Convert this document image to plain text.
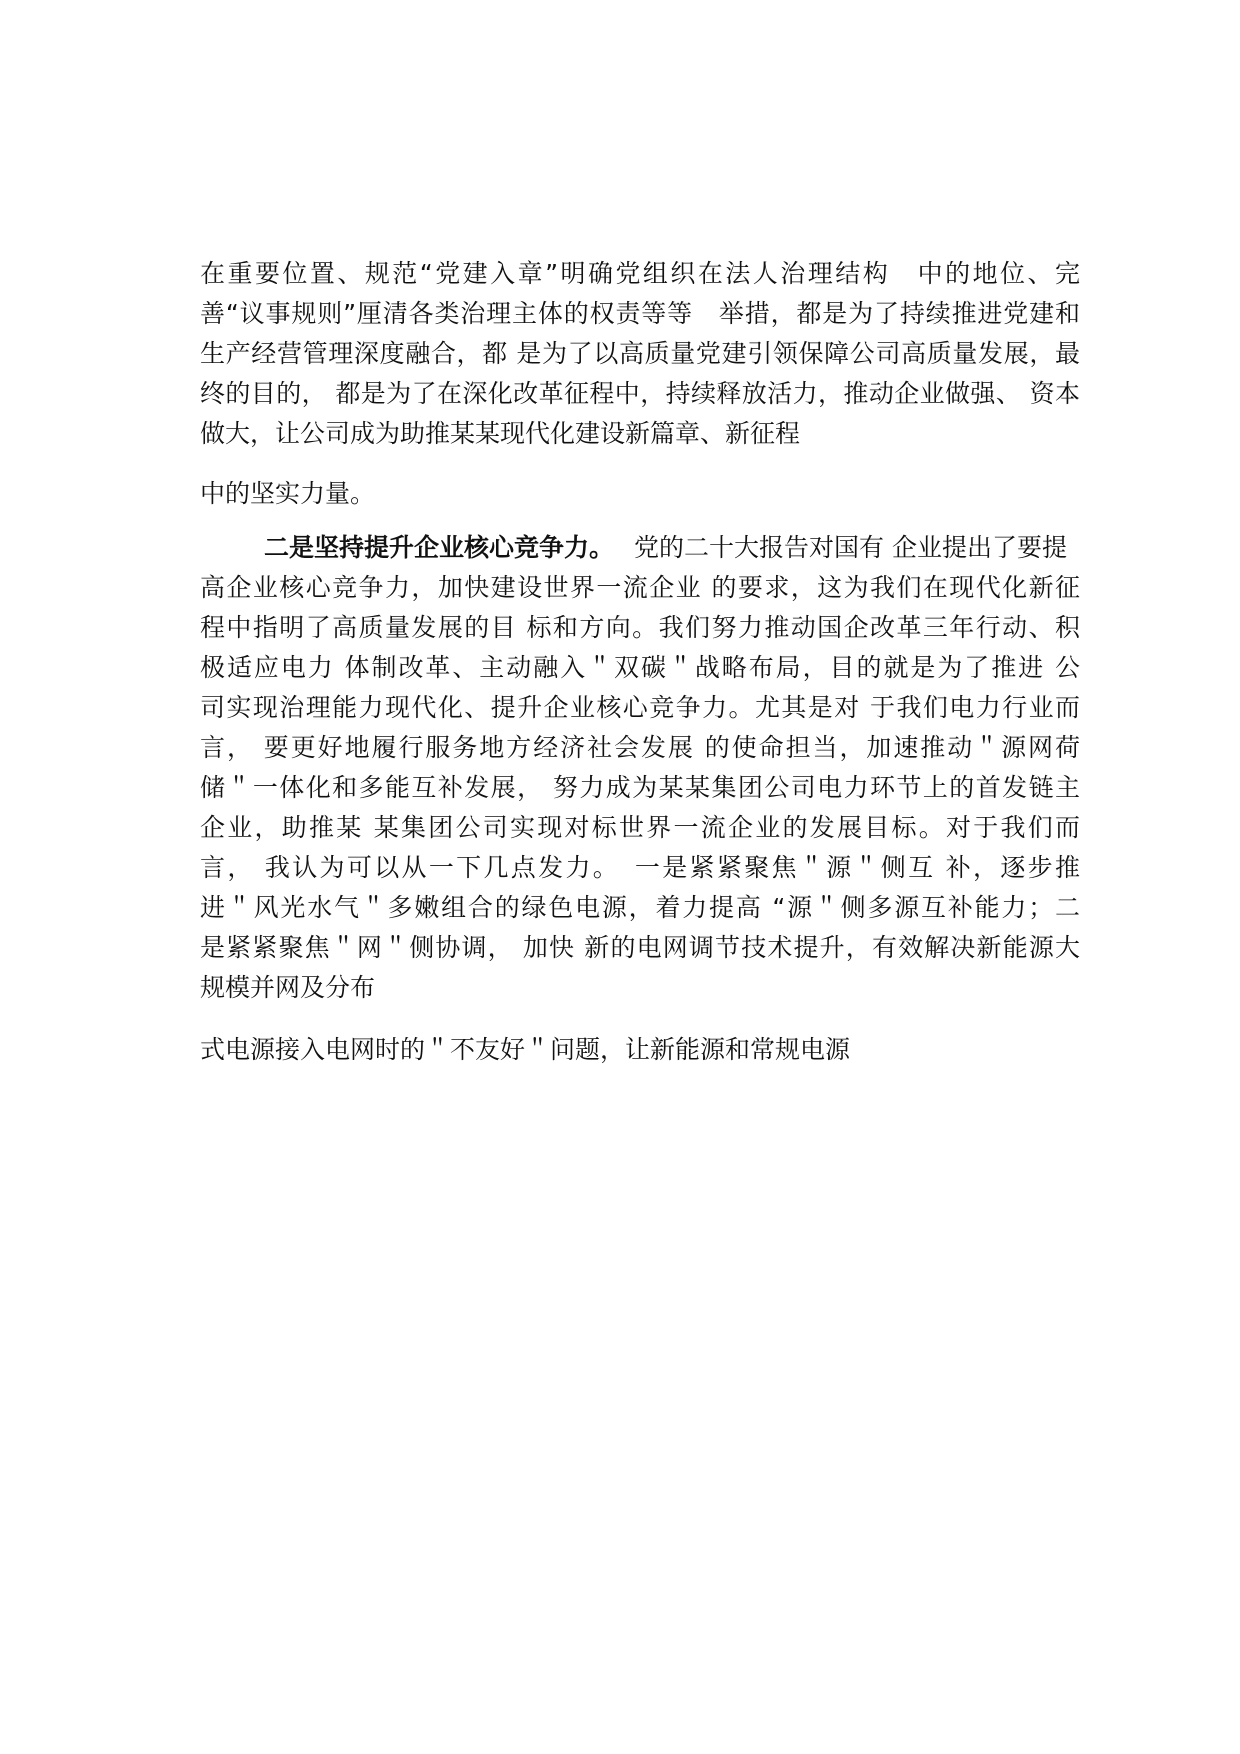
在重要位置、规范“党建入章”明确党组织在法人治理结构　中的地位、完
善“议事规则”厘清各类治理主体的权责等等　举措，都是为了持续推进党建和
生产经营管理深度融合，都 是为了以高质量党建引领保障公司高质量发展，最
终的目的， 都是为了在深化改革征程中，持续释放活力，推动企业做强、 资本
做大，让公司成为助推某某现代化建设新篇章、新征程
中的坚实力量。
二是坚持提升企业核心竞争力。 党的二十大报告对国有 企业提出了要提
高企业核心竞争力，加快建设世界一流企业 的要求，这为我们在现代化新征
程中指明了高质量发展的目 标和方向。我们努力推动国企改革三年行动、积
极适应电力 体制改革、主动融入＂双碳＂战略布局，目的就是为了推进 公
司实现治理能力现代化、提升企业核心竞争力。尤其是对 于我们电力行业而
言， 要更好地履行服务地方经济社会发展 的使命担当，加速推动＂源网荷
储＂一体化和多能互补发展， 努力成为某某集团公司电力环节上的首发链主
企业，助推某 某集团公司实现对标世界一流企业的发展目标。对于我们而
言， 我认为可以从一下几点发力。　一是紧紧聚焦＂源＂侧互 补，逐步推
进＂风光水气＂多嫩组合的绿色电源，着力提高 “源＂侧多源互补能力；二
是紧紧聚焦＂网＂侧协调， 加快 新的电网调节技术提升，有效解决新能源大
规模并网及分布
式电源接入电网时的＂不友好＂问题，让新能源和常规电源
